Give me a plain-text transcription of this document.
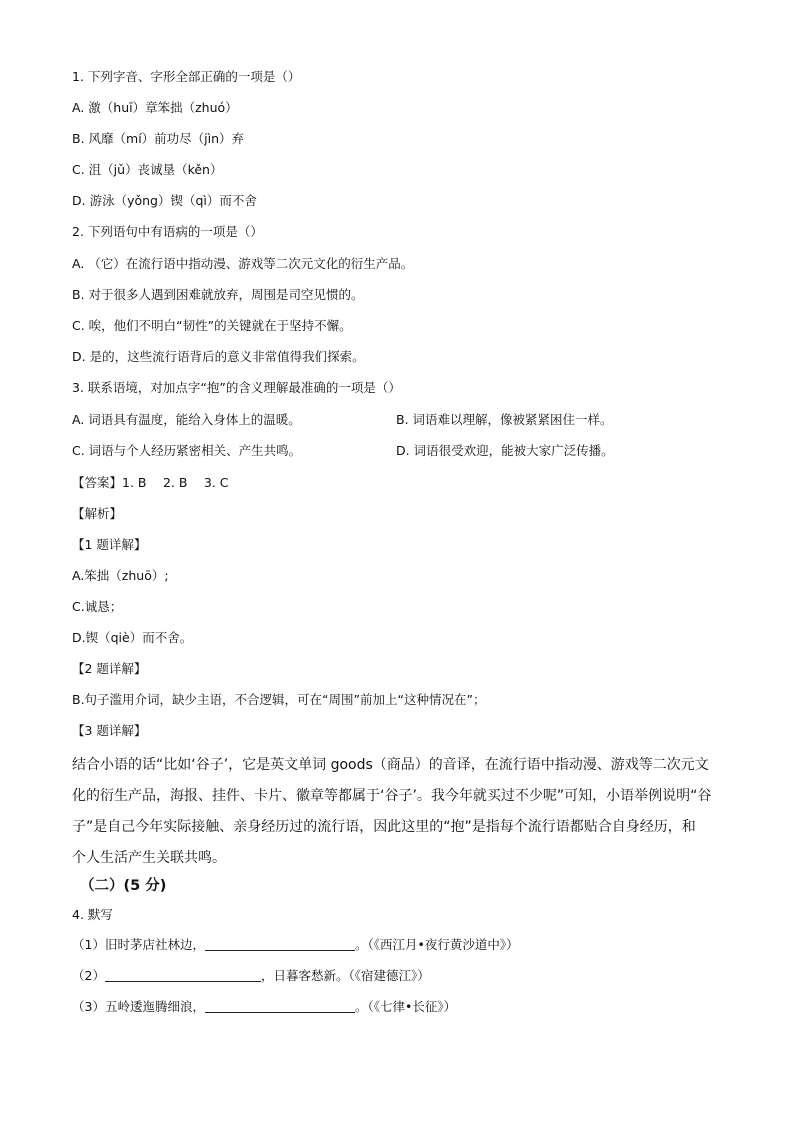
1. 下列字音、字形全部正确的一项是（）
A. 激（huī）章笨拙（zhuó）
B. 风靡（mí）前功尽（jìn）弃
C. 沮（jǔ）丧诚垦（kěn）
D. 游泳（yǒng）锲（qì）而不舍
2. 下列语句中有语病的一项是（）
A. （它）在流行语中指动漫、游戏等二次元文化的衍生产品。
B. 对于很多人遇到困难就放弃，周围是司空见惯的。
C. 唉，他们不明白“韧性”的关键就在于坚持不懈。
D. 是的，这些流行语背后的意义非常值得我们探索。
3. 联系语境，对加点字“抱”的含义理解最准确的一项是（）
A. 词语具有温度，能给入身体上的温暖。	B. 词语难以理解，像被紧紧困住一样。
C. 词语与个人经历紧密相关、产生共鸣。	D. 词语很受欢迎，能被大家广泛传播。
【答案】1. B　 2. B　 3. C
【解析】
【1 题详解】
A.笨拙（zhuō）;
C.诚恳；
D.锲（qiè）而不舍。
【2 题详解】
B.句子滥用介词，缺少主语，不合逻辑，可在“周围”前加上“这种情况在”；
【3 题详解】
结合小语的话“比如‘谷子’，它是英文单词 goods（商品）的音译，在流行语中指动漫、游戏等二次元文
化的衍生产品，海报、挂件、卡片、徽章等都属于‘谷子’。我今年就买过不少呢”可知，小语举例说明“谷
子”是自己今年实际接触、亲身经历过的流行语，因此这里的“抱”是指每个流行语都贴合自身经历，和
个人生活产生关联共鸣。
（二）(5 分)
4. 默写
（1）旧时茅店社林边，	。（《西江月•夜行黄沙道中》）
（2）	，日暮客愁新。（《宿建德江》）
（3）五岭逶迤腾细浪，	。（《七律•长征》）
